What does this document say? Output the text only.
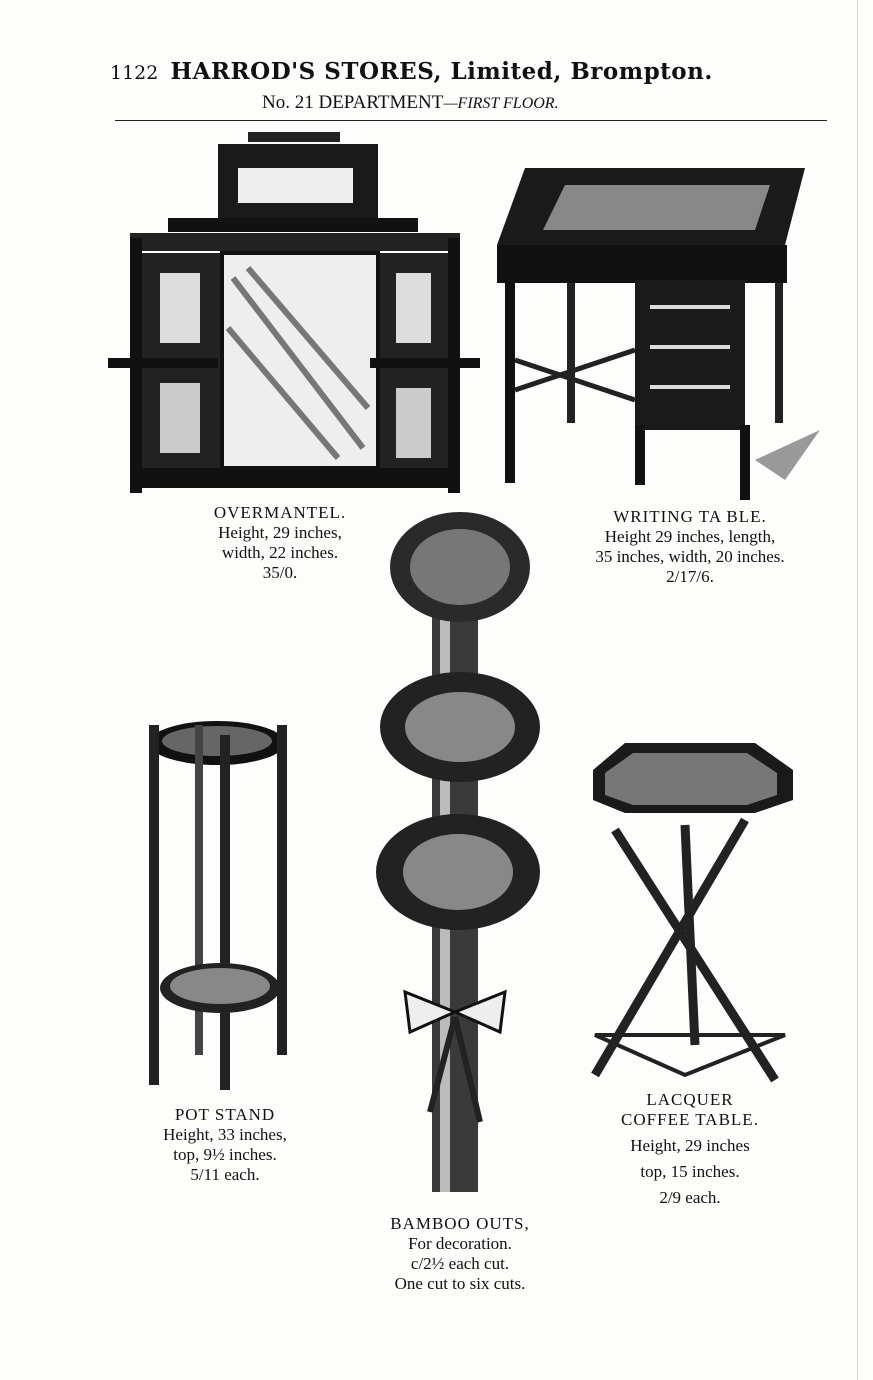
1122 HARROD'S STORES, Limited, Brompton.
No. 21 DEPARTMENT—FIRST FLOOR.
OVERMANTEL.
Height, 29 inches,
width, 22 inches.
35/0.
WRITING TA BLE.
Height 29 inches, length,
35 inches, width, 20 inches.
2/17/6.
BAMBOO OUTS,
For decoration.
c/2½ each cut.
One cut to six cuts.
POT STAND
Height, 33 inches,
top, 9½ inches.
5/11 each.
LACQUER
COFFEE TABLE.
Height, 29 inches
top, 15 inches.
2/9 each.
